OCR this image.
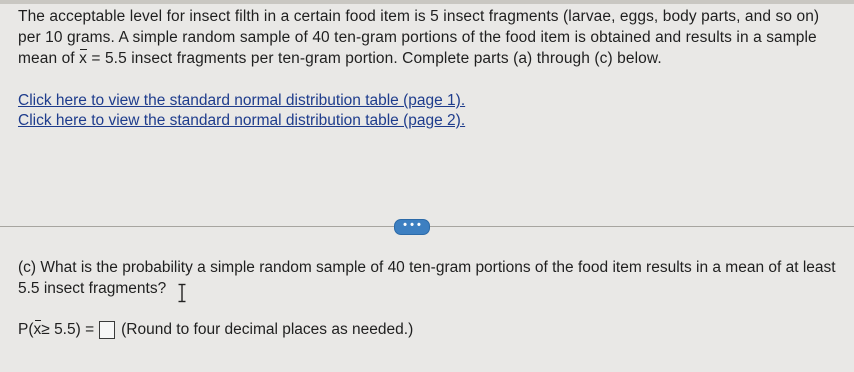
The acceptable level for insect filth in a certain food item is 5 insect fragments (larvae, eggs, body parts, and so on) per 10 grams. A simple random sample of 40 ten-gram portions of the food item is obtained and results in a sample mean of x = 5.5 insect fragments per ten-gram portion. Complete parts (a) through (c) below.

Click here to view the standard normal distribution table (page 1).
Click here to view the standard normal distribution table (page 2).
• • •

(c) What is the probability a simple random sample of 40 ten-gram portions of the food item results in a mean of at least 5.5 insect fragments?

P( x ≥ 5.5) = (Round to four decimal places as needed.)
